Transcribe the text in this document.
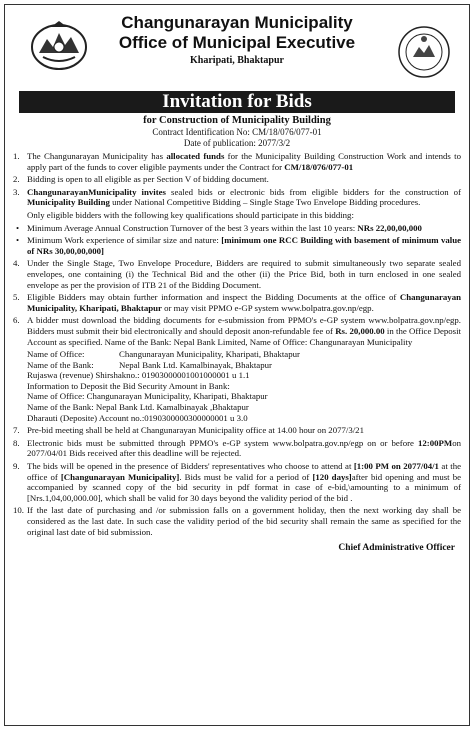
Changunarayan Municipality
Office of Municipal Executive
Kharipati, Bhaktapur
Invitation for Bids
for Construction of Municipality Building
Contract Identification No: CM/18/076/077-01
Date of publication: 2077/3/2
1. The Changunarayan Municipality has allocated funds for the Municipality Building Construction Work and intends to apply part of the funds to cover eligible payments under the Contract for CM/18/076/077-01
2. Bidding is open to all eligible as per Section V of bidding document.
3. ChangunarayanMunicipality invites sealed bids or electronic bids from eligible bidders for the construction of Municipality Building under National Competitive Bidding – Single Stage Two Envelope Bidding procedures.
Only eligible bidders with the following key qualifications should participate in this bidding:
• Minimum Average Annual Construction Turnover of the best 3 years within the last 10 years: NRs 22,00,00,000
• Minimum Work experience of similar size and nature: [minimum one RCC Building with basement of minimum value of NRs 30,00,00,000]
4. Under the Single Stage, Two Envelope Procedure, Bidders are required to submit simultaneously two separate sealed envelopes, one containing (i) the Technical Bid and the other (ii) the Price Bid, both in turn enclosed in one sealed envelope as per the provision of ITB 21 of the Bidding Document.
5. Eligible Bidders may obtain further information and inspect the Bidding Documents at the office of Changunarayan Municipality, Kharipati, Bhaktapur or may visit PPMO e-GP system www.bolpatra.gov.np/egp.
6. A bidder must download the bidding documents for e-submission from PPMO's e-GP system www.bolpatra.gov.np/egp. Bidders must submit their bid electronically and should deposit anon-refundable fee of Rs. 20,000.00 in the Office Deposit Account as specified. Name of the Bank: Nepal Bank Limited, Name of Office: Changunarayan Municipality
Name of Office:	Changunarayan Municipality, Kharipati, Bhaktapur
Name of the Bank:	Nepal Bank Ltd. Kamalbinayak, Bhaktapur
Rujaswa (revenue) Shirshakno.: 01903000001001000001 u 1.1
Information to Deposit the Bid Security Amount in Bank:
Name of Office: Changunarayan Municipality, Kharipati, Bhaktapur
Name of the Bank: Nepal Bank Ltd. Kamalbinayak ,Bhaktapur
Dharauti (Deposite) Account no.:0190300000300000001 u 3.0
7. Pre-bid meeting shall be held at Changunarayan Municipality office at 14.00 hour on 2077/3/21
8. Electronic bids must be submitted through PPMO's e-GP system www.bolpatra.gov.np/egp on or before 12:00PMon 2077/04/01 Bids received after this deadline will be rejected.
9. The bids will be opened in the presence of Bidders' representatives who choose to attend at [1:00 PM on 2077/04/1 at the office of [Changunarayan Municipality]. Bids must be valid for a period of [120 days]after bid opening and must be accompanied by scanned copy of the bid security in pdf format in case of e-bid,\amounting to a minimum of [Nrs.1,04,00,000.00], which shall be valid for 30 days beyond the validity period of the bid .
10. If the last date of purchasing and /or submission falls on a government holiday, then the next working day shall be considered as the last date. In such case the validity period of the bid security shall remain the same as specified for the original last date of bid submission.
Chief Administrative Officer
